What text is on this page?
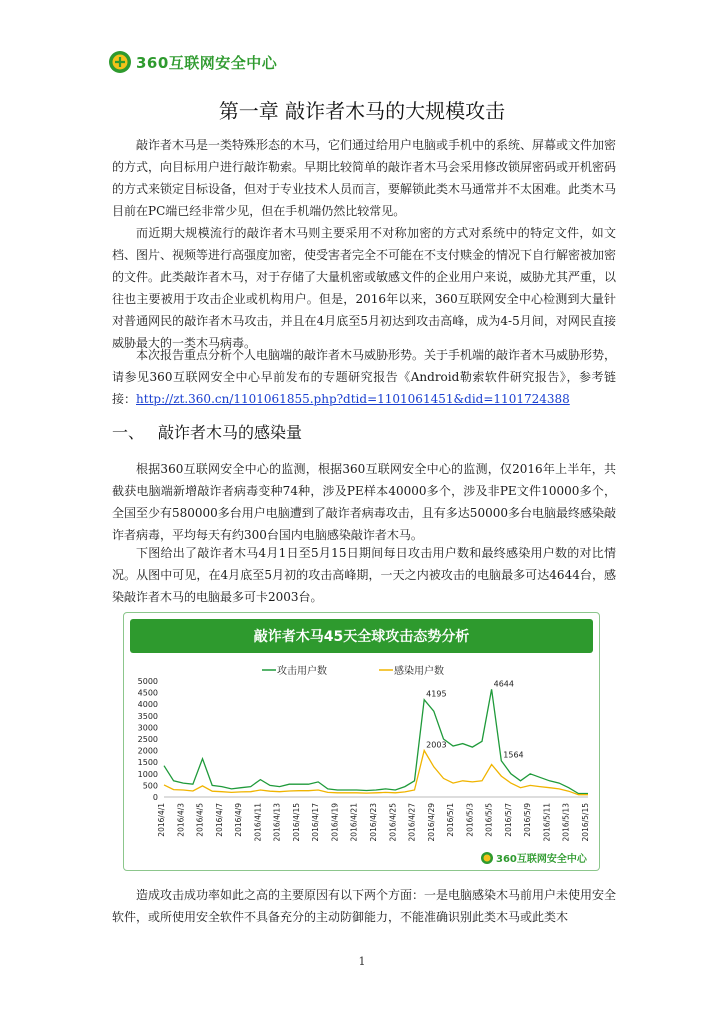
360互联网安全中心
第一章 敲诈者木马的大规模攻击

敲诈者木马是一类特殊形态的木马，它们通过给用户电脑或手机中的系统、屏幕或文件加密的方式，向目标用户进行敲诈勒索。早期比较简单的敲诈者木马会采用修改锁屏密码或开机密码的方式来锁定目标设备，但对于专业技术人员而言，要解锁此类木马通常并不太困难。此类木马目前在PC端已经非常少见，但在手机端仍然比较常见。

而近期大规模流行的敲诈者木马则主要采用不对称加密的方式对系统中的特定文件，如文档、图片、视频等进行高强度加密，使受害者完全不可能在不支付赎金的情况下自行解密被加密的文件。此类敲诈者木马，对于存储了大量机密或敏感文件的企业用户来说，威胁尤其严重，以往也主要被用于攻击企业或机构用户。但是，2016年以来，360互联网安全中心检测到大量针对普通网民的敲诈者木马攻击，并且在4月底至5月初达到攻击高峰，成为4-5月间，对网民直接威胁最大的一类木马病毒。

本次报告重点分析个人电脑端的敲诈者木马威胁形势。关于手机端的敲诈者木马威胁形势，请参见360互联网安全中心早前发布的专题研究报告《Android勒索软件研究报告》，参考链接：http://zt.360.cn/1101061855.php?dtid=1101061451&did=1101724388

一、 敲诈者木马的感染量

根据360互联网安全中心的监测，根据360互联网安全中心的监测，仅2016年上半年，共截获电脑端新增敲诈者病毒变种74种，涉及PE样本40000多个，涉及非PE文件10000多个，全国至少有580000多台用户电脑遭到了敲诈者病毒攻击，且有多达50000多台电脑最终感染敲诈者病毒，平均每天有约300台国内电脑感染敲诈者木马。

下图给出了敲诈者木马4月1日至5月15日期间每日攻击用户数和最终感染用户数的对比情况。从图中可见，在4月底至5月初的攻击高峰期，一天之内被攻击的电脑最多可达4644台，感染敲诈者木马的电脑最多可卡2003台。

敲诈者木马45天全球攻击态势分析
攻击用户数	感染用户数
0
500
1000
1500
2000
2500
3000
3500
4000
4500
5000
4195
4644
1564
2003
2016/4/1 2016/4/3 2016/4/5 2016/4/7 2016/4/9 2016/4/11 2016/4/13 2016/4/15 2016/4/17 2016/4/19 2016/4/21 2016/4/23 2016/4/25 2016/4/27 2016/4/29 2016/5/1 2016/5/3 2016/5/5 2016/5/7 2016/5/9 2016/5/11 2016/5/13 2016/5/15
360互联网安全中心

造成攻击成功率如此之高的主要原因有以下两个方面：一是电脑感染木马前用户未使用安全软件，或所使用安全软件不具备充分的主动防御能力，不能准确识别此类木马或此类木

1
